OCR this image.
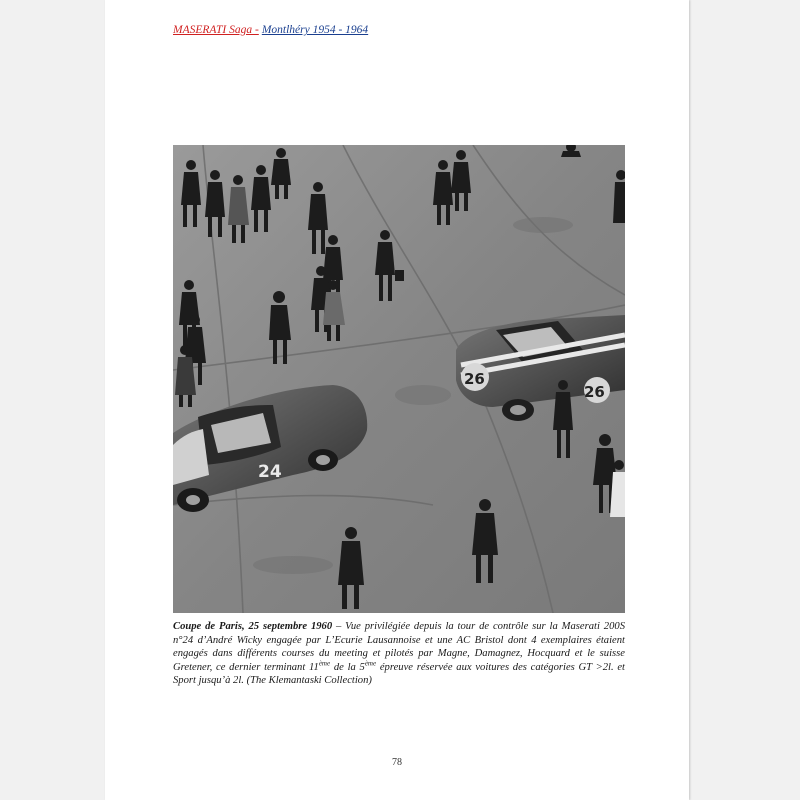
MASERATI Saga - Montlhéry 1954 - 1964
26
26
24
Coupe de Paris, 25 septembre 1960 – Vue privilégiée depuis la tour de contrôle sur la Maserati 200S n°24 d’André Wicky engagée par L’Ecurie Lausannoise et une AC Bristol dont 4 exemplaires étaient engagés dans différents courses du meeting et pilotés par Magne, Damagnez, Hocquard et le suisse Gretener, ce dernier terminant 11ème de la 5ème épreuve réservée aux voitures des catégories GT >2l. et Sport jusqu’à 2l. (The Klemantaski Collection)
78
